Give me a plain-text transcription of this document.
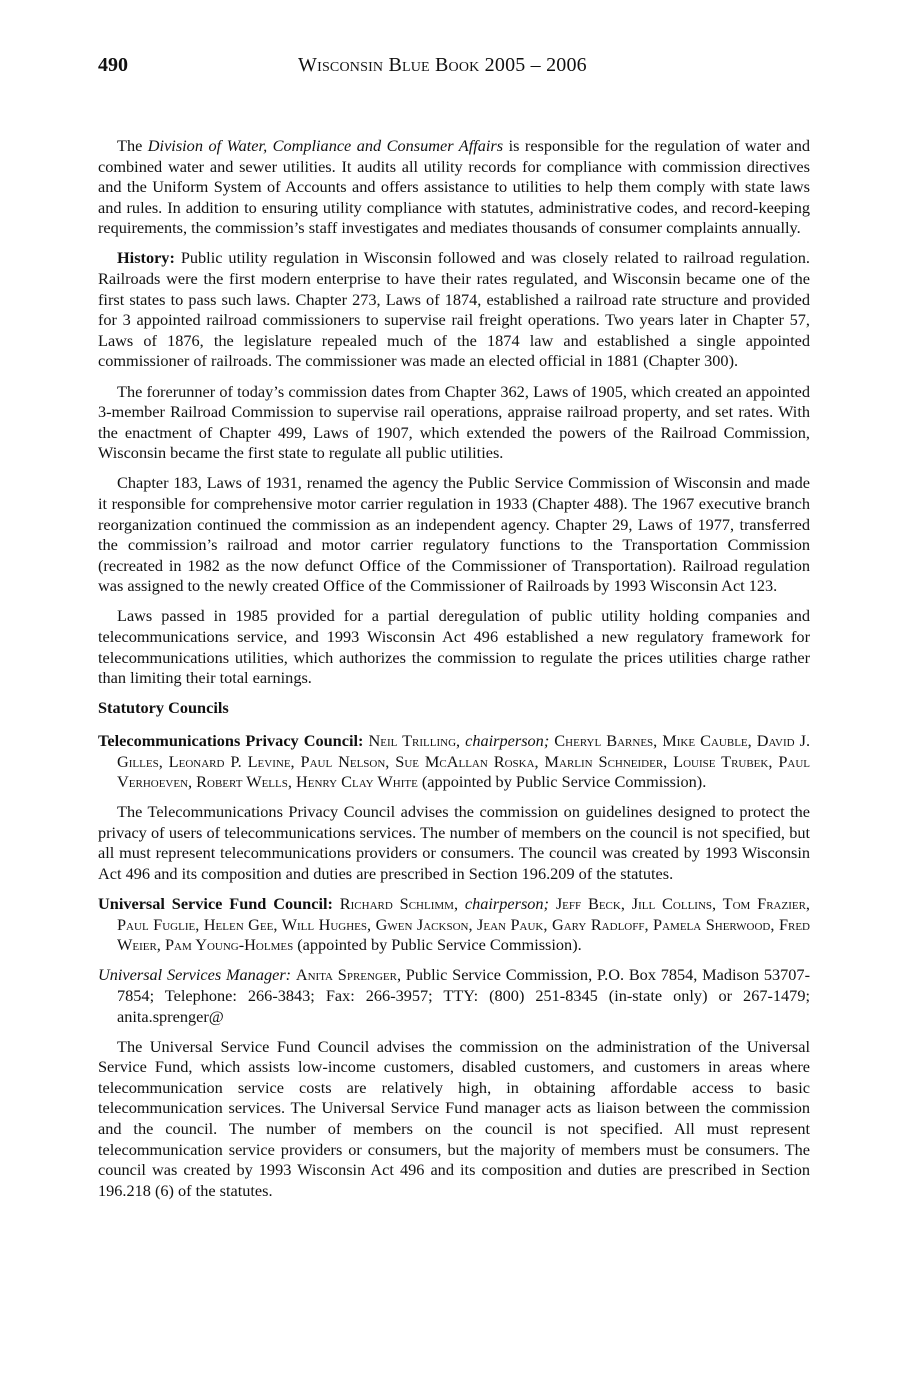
490	Wisconsin Blue Book 2005 – 2006

The Division of Water, Compliance and Consumer Affairs is responsible for the regulation of water and combined water and sewer utilities. It audits all utility records for compliance with commission directives and the Uniform System of Accounts and offers assistance to utilities to help them comply with state laws and rules. In addition to ensuring utility compliance with statutes, administrative codes, and record-keeping requirements, the commission’s staff investigates and mediates thousands of consumer complaints annually.

History: Public utility regulation in Wisconsin followed and was closely related to railroad regulation. Railroads were the first modern enterprise to have their rates regulated, and Wisconsin became one of the first states to pass such laws. Chapter 273, Laws of 1874, established a railroad rate structure and provided for 3 appointed railroad commissioners to supervise rail freight operations. Two years later in Chapter 57, Laws of 1876, the legislature repealed much of the 1874 law and established a single appointed commissioner of railroads. The commissioner was made an elected official in 1881 (Chapter 300).

The forerunner of today’s commission dates from Chapter 362, Laws of 1905, which created an appointed 3-member Railroad Commission to supervise rail operations, appraise railroad property, and set rates. With the enactment of Chapter 499, Laws of 1907, which extended the powers of the Railroad Commission, Wisconsin became the first state to regulate all public utilities.

Chapter 183, Laws of 1931, renamed the agency the Public Service Commission of Wisconsin and made it responsible for comprehensive motor carrier regulation in 1933 (Chapter 488). The 1967 executive branch reorganization continued the commission as an independent agency. Chapter 29, Laws of 1977, transferred the commission’s railroad and motor carrier regulatory functions to the Transportation Commission (recreated in 1982 as the now defunct Office of the Commissioner of Transportation). Railroad regulation was assigned to the newly created Office of the Commissioner of Railroads by 1993 Wisconsin Act 123.

Laws passed in 1985 provided for a partial deregulation of public utility holding companies and telecommunications service, and 1993 Wisconsin Act 496 established a new regulatory framework for telecommunications utilities, which authorizes the commission to regulate the prices utilities charge rather than limiting their total earnings.

Statutory Councils

Telecommunications Privacy Council: Neil Trilling, chairperson; Cheryl Barnes, Mike Cauble, David J. Gilles, Leonard P. Levine, Paul Nelson, Sue McAllan Roska, Marlin Schneider, Louise Trubek, Paul Verhoeven, Robert Wells, Henry Clay White (appointed by Public Service Commission).

The Telecommunications Privacy Council advises the commission on guidelines designed to protect the privacy of users of telecommunications services. The number of members on the council is not specified, but all must represent telecommunications providers or consumers. The council was created by 1993 Wisconsin Act 496 and its composition and duties are prescribed in Section 196.209 of the statutes.

Universal Service Fund Council: Richard Schlimm, chairperson; Jeff Beck, Jill Collins, Tom Frazier, Paul Fuglie, Helen Gee, Will Hughes, Gwen Jackson, Jean Pauk, Gary Radloff, Pamela Sherwood, Fred Weier, Pam Young-Holmes (appointed by Public Service Commission).

Universal Services Manager: Anita Sprenger, Public Service Commission, P.O. Box 7854, Madison 53707-7854; Telephone: 266-3843; Fax: 266-3957; TTY: (800) 251-8345 (in-state only) or 267-1479; anita.sprenger@

The Universal Service Fund Council advises the commission on the administration of the Universal Service Fund, which assists low-income customers, disabled customers, and customers in areas where telecommunication service costs are relatively high, in obtaining affordable access to basic telecommunication services. The Universal Service Fund manager acts as liaison between the commission and the council. The number of members on the council is not specified. All must represent telecommunication service providers or consumers, but the majority of members must be consumers. The council was created by 1993 Wisconsin Act 496 and its composition and duties are prescribed in Section 196.218 (6) of the statutes.
